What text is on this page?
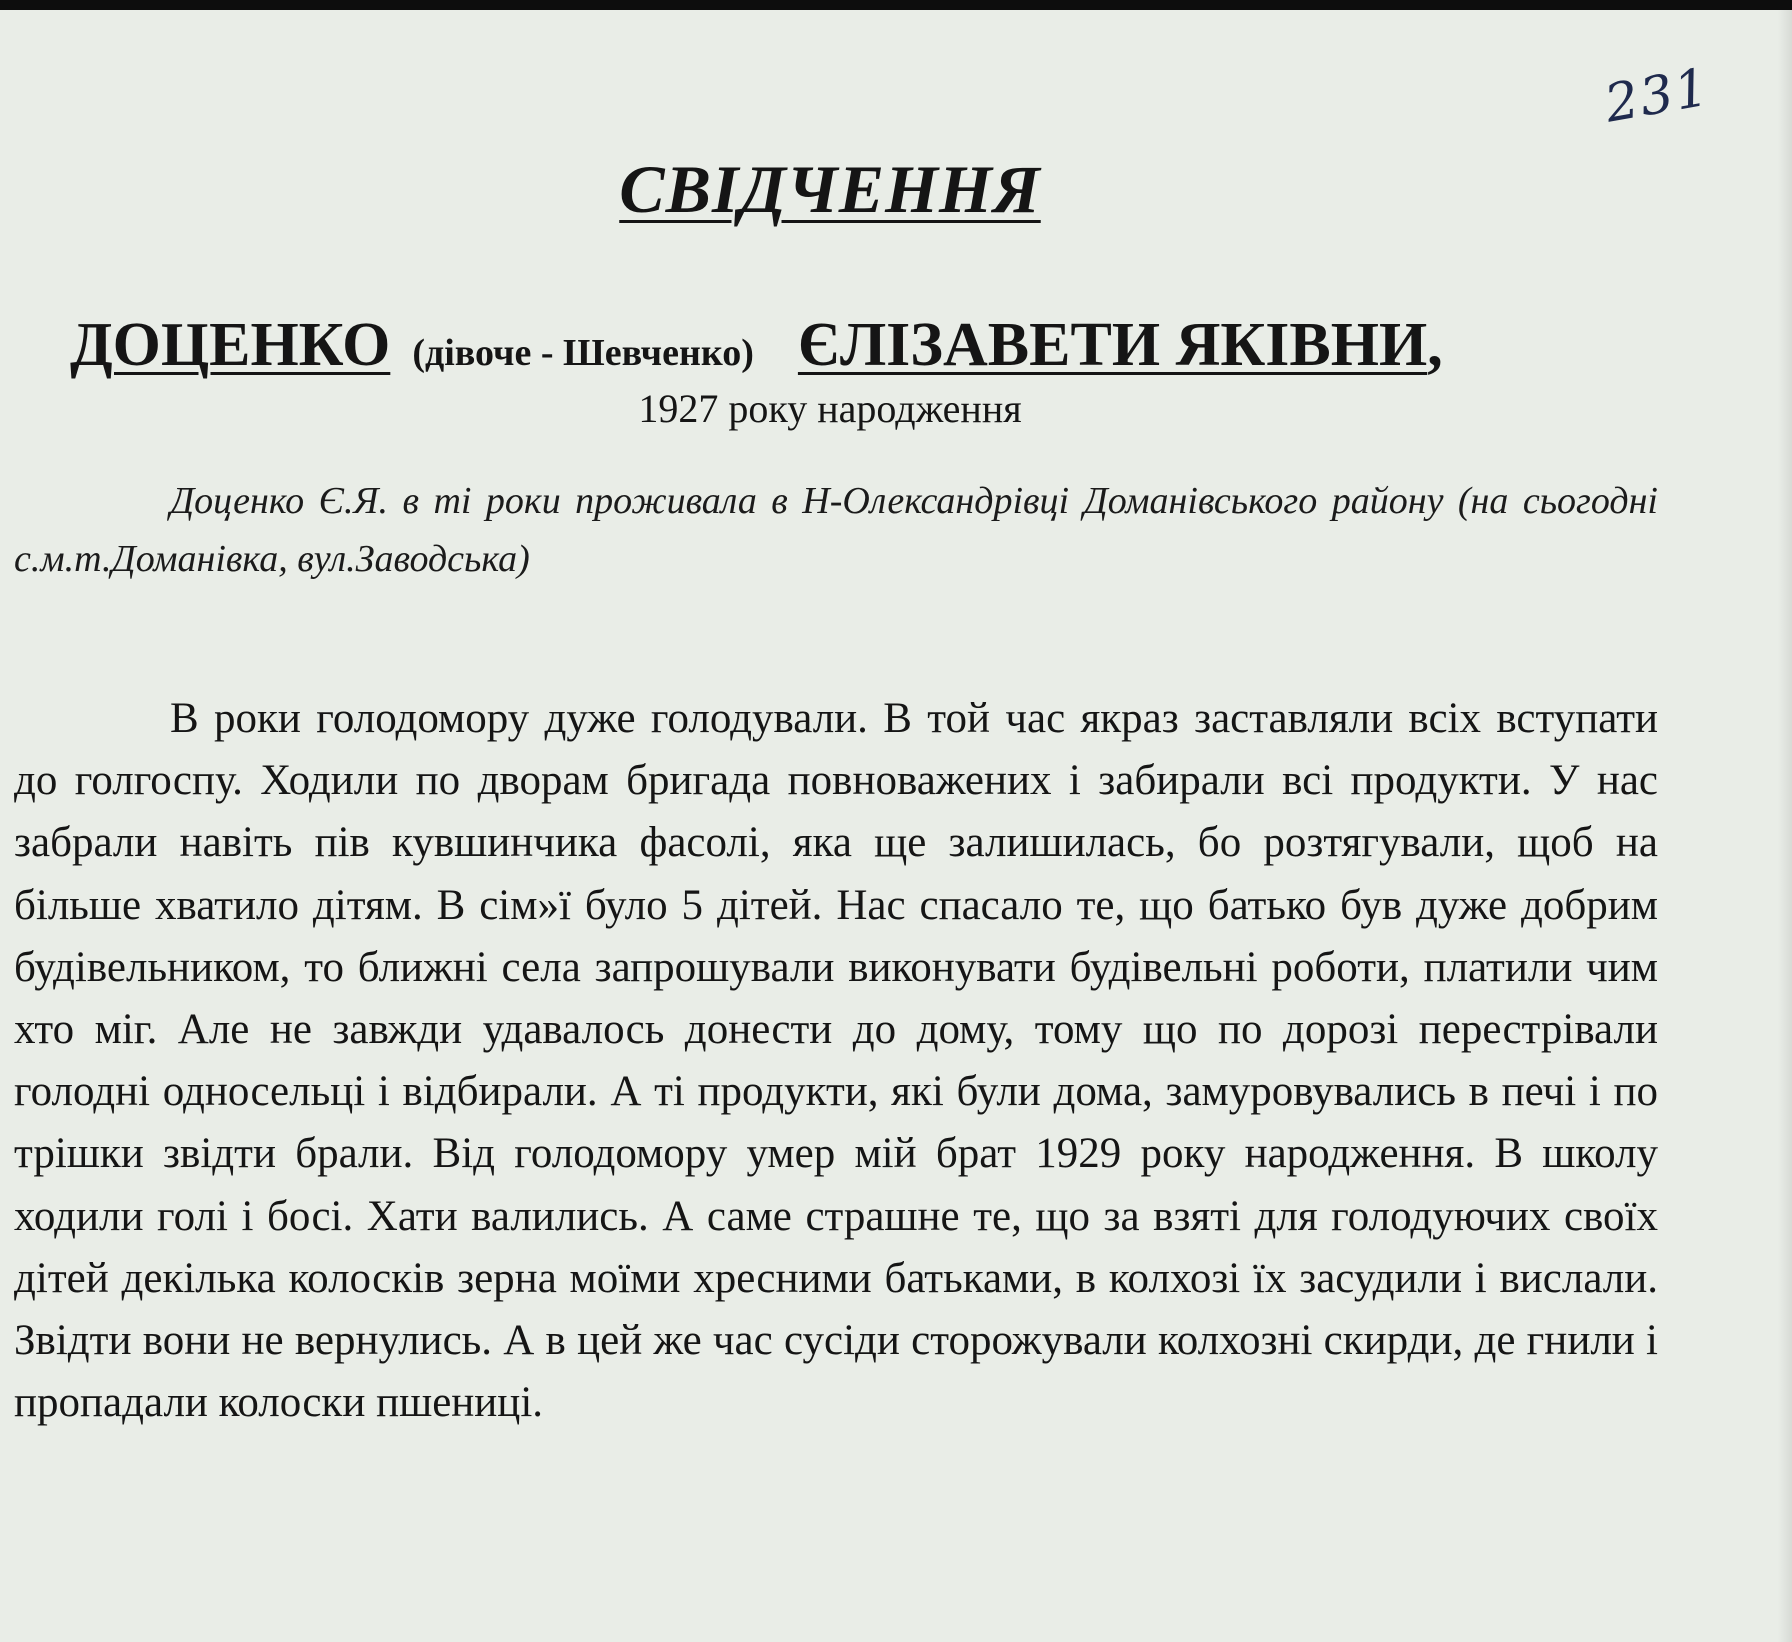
231
СВІДЧЕННЯ
ДОЦЕНКО (дівоче - Шевченко) ЄЛІЗАВЕТИ ЯКІВНИ,
1927 року народження
Доценко Є.Я. в ті роки проживала в Н-Олександрівці Доманівського району (на сьогодні с.м.т.Доманівка, вул.Заводська)
В роки голодомору дуже голодували. В той час якраз заставляли всіх вступати до голгоспу. Ходили по дворам бригада повноважених і забирали всі продукти. У нас забрали навіть пів кувшинчика фасолі, яка ще залишилась, бо розтягували, щоб на більше хватило дітям. В сім»ї було 5 дітей. Нас спасало те, що батько був дуже добрим будівельником, то ближні села запрошували виконувати будівельні роботи, платили чим хто міг. Але не завжди удавалось донести до дому, тому що по дорозі перестрівали голодні односельці і відбирали. А ті продукти, які були дома, замуровувались в печі і по трішки звідти брали. Від голодомору умер мій брат 1929 року народження. В школу ходили голі і босі. Хати валились. А саме страшне те, що за взяті для голодуючих своїх дітей декілька колосків зерна моїми хресними батьками, в колхозі їх засудили і вислали. Звідти вони не вернулись. А в цей же час сусіди сторожували колхозні скирди, де гнили і пропадали колоски пшениці.
